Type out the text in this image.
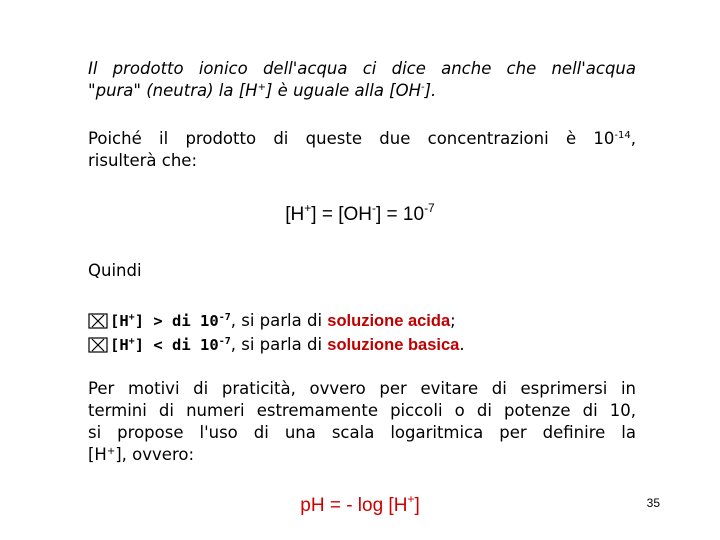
Il prodotto ionico dell'acqua ci dice anche che nell'acqua
"pura" (neutra) la [H+] è uguale alla [OH-].
Poiché il prodotto di queste due concentrazioni è $10^{-14}$,
risulterà che:
$[H^+] = [OH^-] = 10^{-7}$
Quindi
[H+] > di $10^{-7}$, si parla di soluzione acida;
[H+] < di $10^{-7}$, si parla di soluzione basica.
Per motivi di praticità, ovvero per evitare di esprimersi in
termini di numeri estremamente piccoli o di potenze di 10,
si propose l'uso di una scala logaritmica per definire la
[H+], ovvero:
pH = - log [H+]	35
